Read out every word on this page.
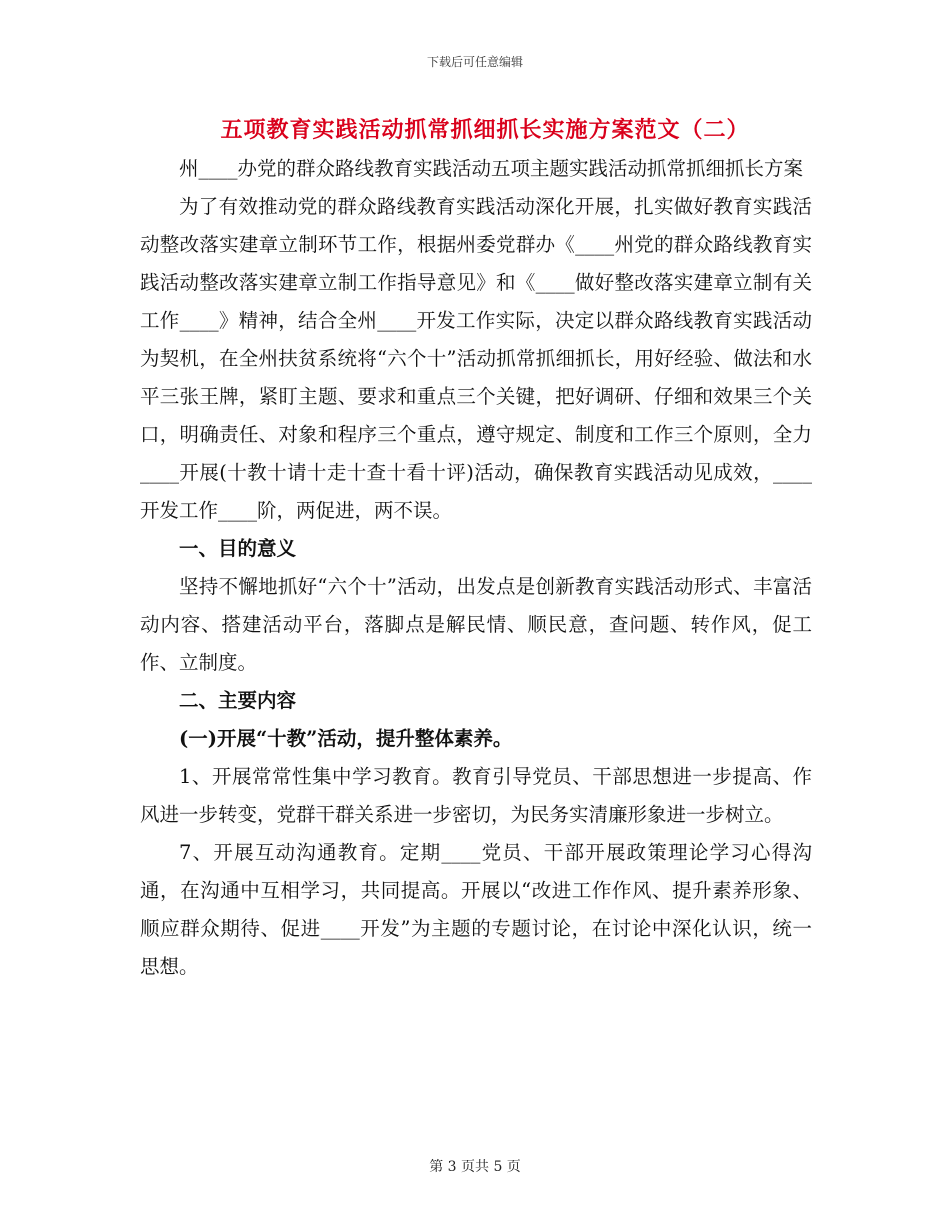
下载后可任意编辑
五项教育实践活动抓常抓细抓长实施方案范文（二）

州____办党的群众路线教育实践活动五项主题实践活动抓常抓细抓长方案

为了有效推动党的群众路线教育实践活动深化开展，扎实做好教育实践活动整改落实建章立制环节工作，根据州委党群办《____州党的群众路线教育实践活动整改落实建章立制工作指导意见》和《____做好整改落实建章立制有关工作____》精神，结合全州____开发工作实际，决定以群众路线教育实践活动为契机，在全州扶贫系统将“六个十”活动抓常抓细抓长，用好经验、做法和水平三张王牌，紧盯主题、要求和重点三个关键，把好调研、仔细和效果三个关口，明确责任、对象和程序三个重点，遵守规定、制度和工作三个原则，全力____开展(十教十请十走十查十看十评)活动，确保教育实践活动见成效，____开发工作____阶，两促进，两不误。

一、目的意义

坚持不懈地抓好“六个十”活动，出发点是创新教育实践活动形式、丰富活动内容、搭建活动平台，落脚点是解民情、顺民意，查问题、转作风，促工作、立制度。

二、主要内容

(一)开展“十教”活动，提升整体素养。

1、开展常常性集中学习教育。教育引导党员、干部思想进一步提高、作风进一步转变，党群干群关系进一步密切，为民务实清廉形象进一步树立。

7、开展互动沟通教育。定期____党员、干部开展政策理论学习心得沟通，在沟通中互相学习，共同提高。开展以“改进工作作风、提升素养形象、顺应群众期待、促进____开发”为主题的专题讨论，在讨论中深化认识，统一思想。

第 3 页共 5 页
